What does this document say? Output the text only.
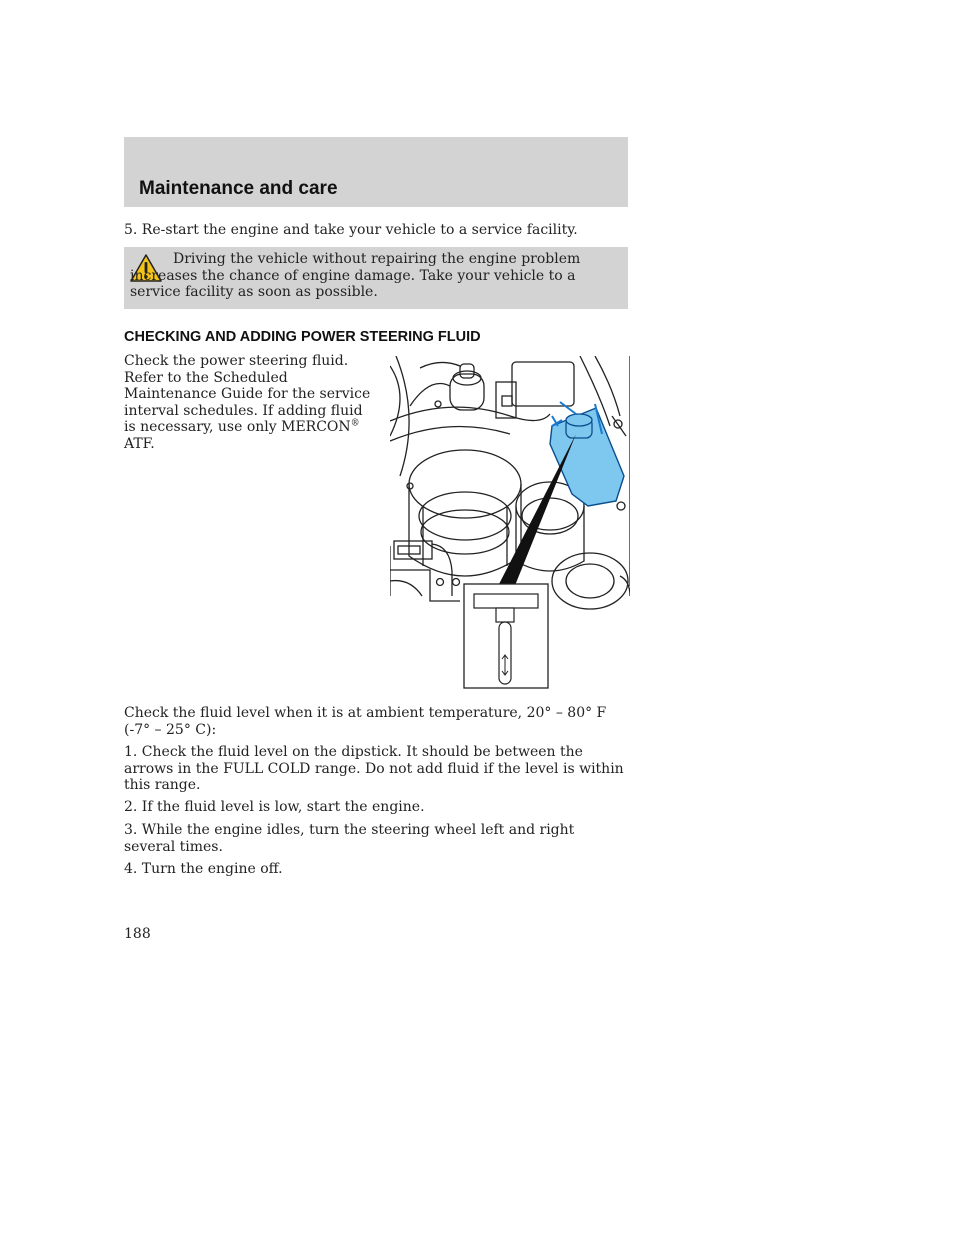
Maintenance and care

5. Re-start the engine and take your vehicle to a service facility.

Driving the vehicle without repairing the engine problem increases the chance of engine damage. Take your vehicle to a service facility as soon as possible.

CHECKING AND ADDING POWER STEERING FLUID

Check the power steering fluid. Refer to the Scheduled Maintenance Guide for the service interval schedules. If adding fluid is necessary, use only MERCON® ATF.

Check the fluid level when it is at ambient temperature, 20° – 80° F (-7° – 25° C):

1. Check the fluid level on the dipstick. It should be between the arrows in the FULL COLD range. Do not add fluid if the level is within this range.

2. If the fluid level is low, start the engine.

3. While the engine idles, turn the steering wheel left and right several times.

4. Turn the engine off.

188
